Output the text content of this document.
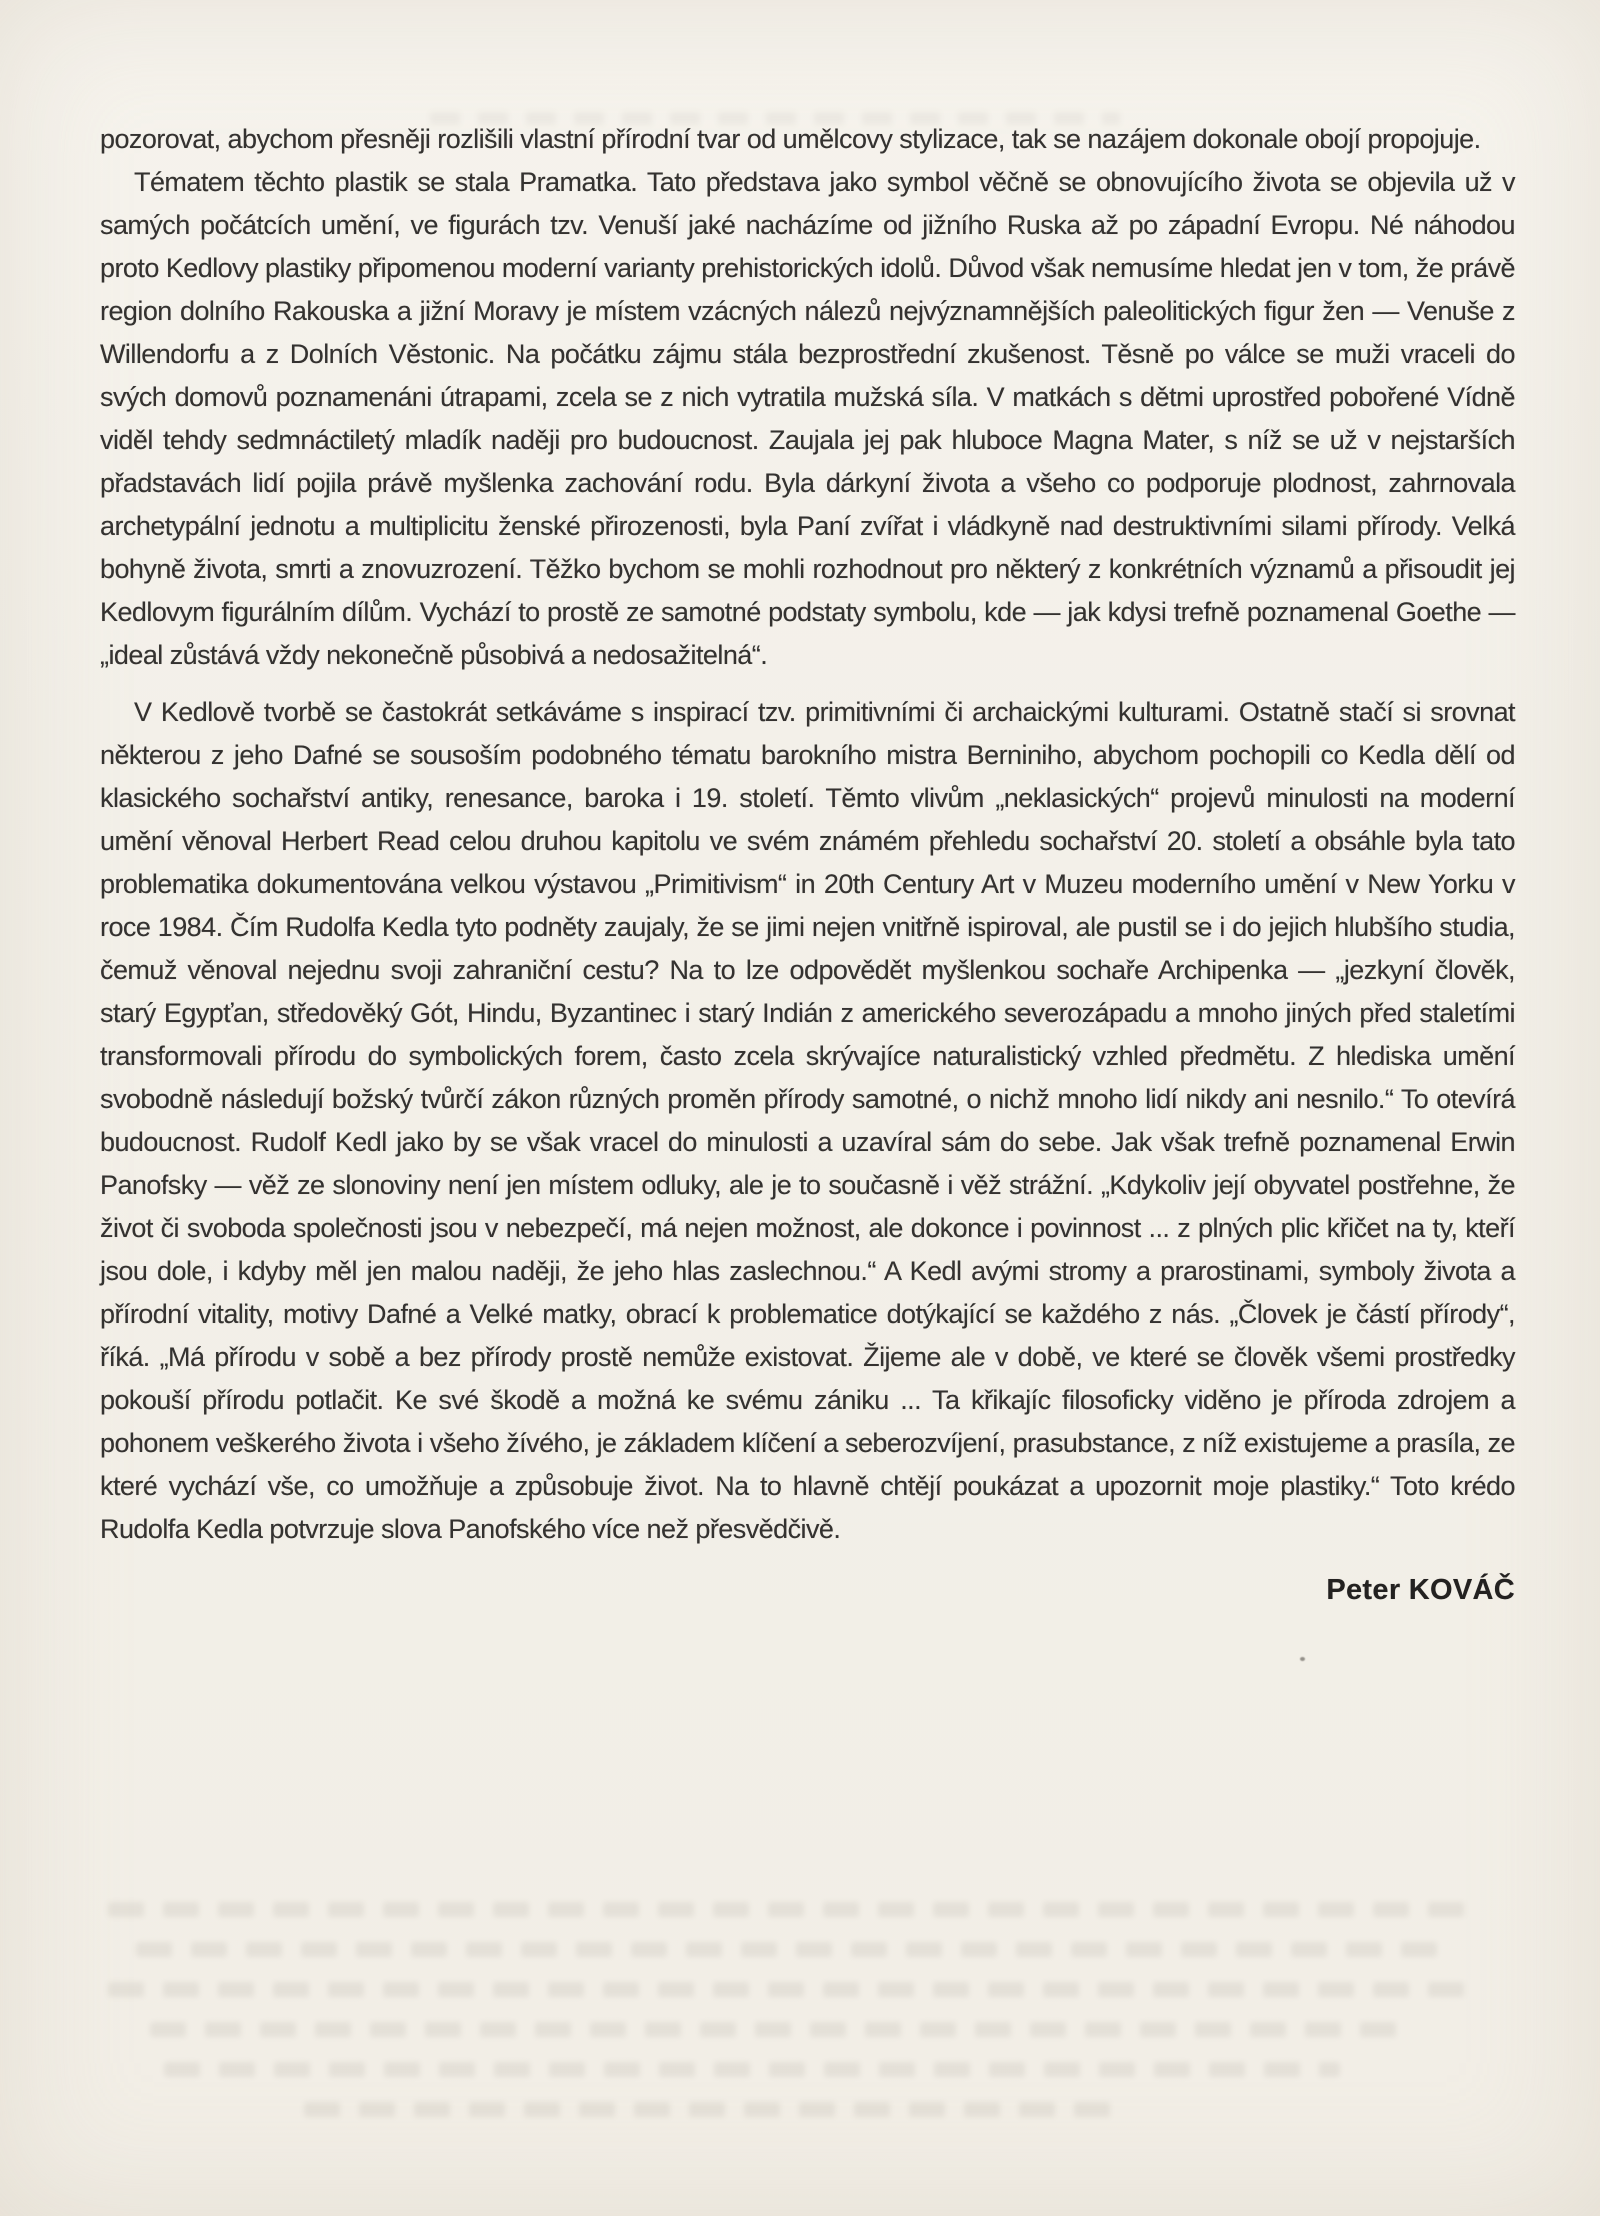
pozorovat, abychom přesněji rozlišili vlastní přírodní tvar od umělcovy stylizace, tak se nazájem dokonale obojí propojuje.

Tématem těchto plastik se stala Pramatka. Tato představa jako symbol věčně se obnovujícího života se objevila už v samých počátcích umění, ve figurách tzv. Venuší jaké nacházíme od jižního Ruska až po západní Evropu. Né náhodou proto Kedlovy plastiky připomenou moderní varianty prehistorických idolů. Důvod však nemusíme hledat jen v tom, že právě region dolního Rakouska a jižní Moravy je místem vzácných nálezů nejvýznamnějších paleolitických figur žen — Venuše z Willendorfu a z Dolních Věstonic. Na počátku zájmu stála bezprostřední zkušenost. Těsně po válce se muži vraceli do svých domovů poznamenáni útrapami, zcela se z nich vytratila mužská síla. V matkách s dětmi uprostřed pobořené Vídně viděl tehdy sedmnáctiletý mladík naději pro budoucnost. Zaujala jej pak hluboce Magna Mater, s níž se už v nejstarších přadstavách lidí pojila právě myšlenka zachování rodu. Byla dárkyní života a všeho co podporuje plodnost, zahrnovala archetypální jednotu a multiplicitu ženské přirozenosti, byla Paní zvířat i vládkyně nad destruktivními silami přírody. Velká bohyně života, smrti a znovuzrození. Těžko bychom se mohli rozhodnout pro některý z konkrétních významů a přisoudit jej Kedlovym figurálním dílům. Vychází to prostě ze samotné podstaty symbolu, kde — jak kdysi trefně poznamenal Goethe — „ideal zůstává vždy nekonečně působivá a nedosažitelná“.

V Kedlově tvorbě se častokrát setkáváme s inspirací tzv. primitivními či archaickými kulturami. Ostatně stačí si srovnat některou z jeho Dafné se sousoším podobného tématu barokního mistra Berniniho, abychom pochopili co Kedla dělí od klasického sochařství antiky, renesance, baroka i 19. století. Těmto vlivům „neklasických“ projevů minulosti na moderní umění věnoval Herbert Read celou druhou kapitolu ve svém známém přehledu sochařství 20. století a obsáhle byla tato problematika dokumentována velkou výstavou „Primitivism“ in 20th Century Art v Muzeu moderního umění v New Yorku v roce 1984. Čím Rudolfa Kedla tyto podněty zaujaly, že se jimi nejen vnitřně ispiroval, ale pustil se i do jejich hlubšího studia, čemuž věnoval nejednu svoji zahraniční cestu? Na to lze odpovědět myšlenkou sochaře Archipenka — „jezkyní člověk, starý Egypťan, středověký Gót, Hindu, Byzantinec i starý Indián z amerického severozápadu a mnoho jiných před staletími transformovali přírodu do symbolických forem, často zcela skrývajíce naturalistický vzhled předmětu. Z hlediska umění svobodně následují božský tvůrčí zákon různých proměn přírody samotné, o nichž mnoho lidí nikdy ani nesnilo.“ To otevírá budoucnost. Rudolf Kedl jako by se však vracel do minulosti a uzavíral sám do sebe. Jak však trefně poznamenal Erwin Panofsky — věž ze slonoviny není jen místem odluky, ale je to současně i věž strážní. „Kdykoliv její obyvatel postřehne, že život či svoboda společnosti jsou v nebezpečí, má nejen možnost, ale dokonce i povinnost ... z plných plic křičet na ty, kteří jsou dole, i kdyby měl jen malou naději, že jeho hlas zaslechnou.“ A Kedl avými stromy a prarostinami, symboly života a přírodní vitality, motivy Dafné a Velké matky, obrací k problematice dotýkající se každého z nás. „Človek je částí přírody“, říká. „Má přírodu v sobě a bez přírody prostě nemůže existovat. Žijeme ale v době, ve které se člověk všemi prostředky pokouší přírodu potlačit. Ke své škodě a možná ke svému zániku ... Ta křikajíc filosoficky viděno je příroda zdrojem a pohonem veškerého života i všeho žívého, je základem klíčení a seberozvíjení, prasubstance, z níž existujeme a prasíla, ze které vychází vše, co umožňuje a způsobuje život. Na to hlavně chtějí poukázat a upozornit moje plastiky.“ Toto krédo Rudolfa Kedla potvrzuje slova Panofského více než přesvědčivě.

Peter KOVÁČ
